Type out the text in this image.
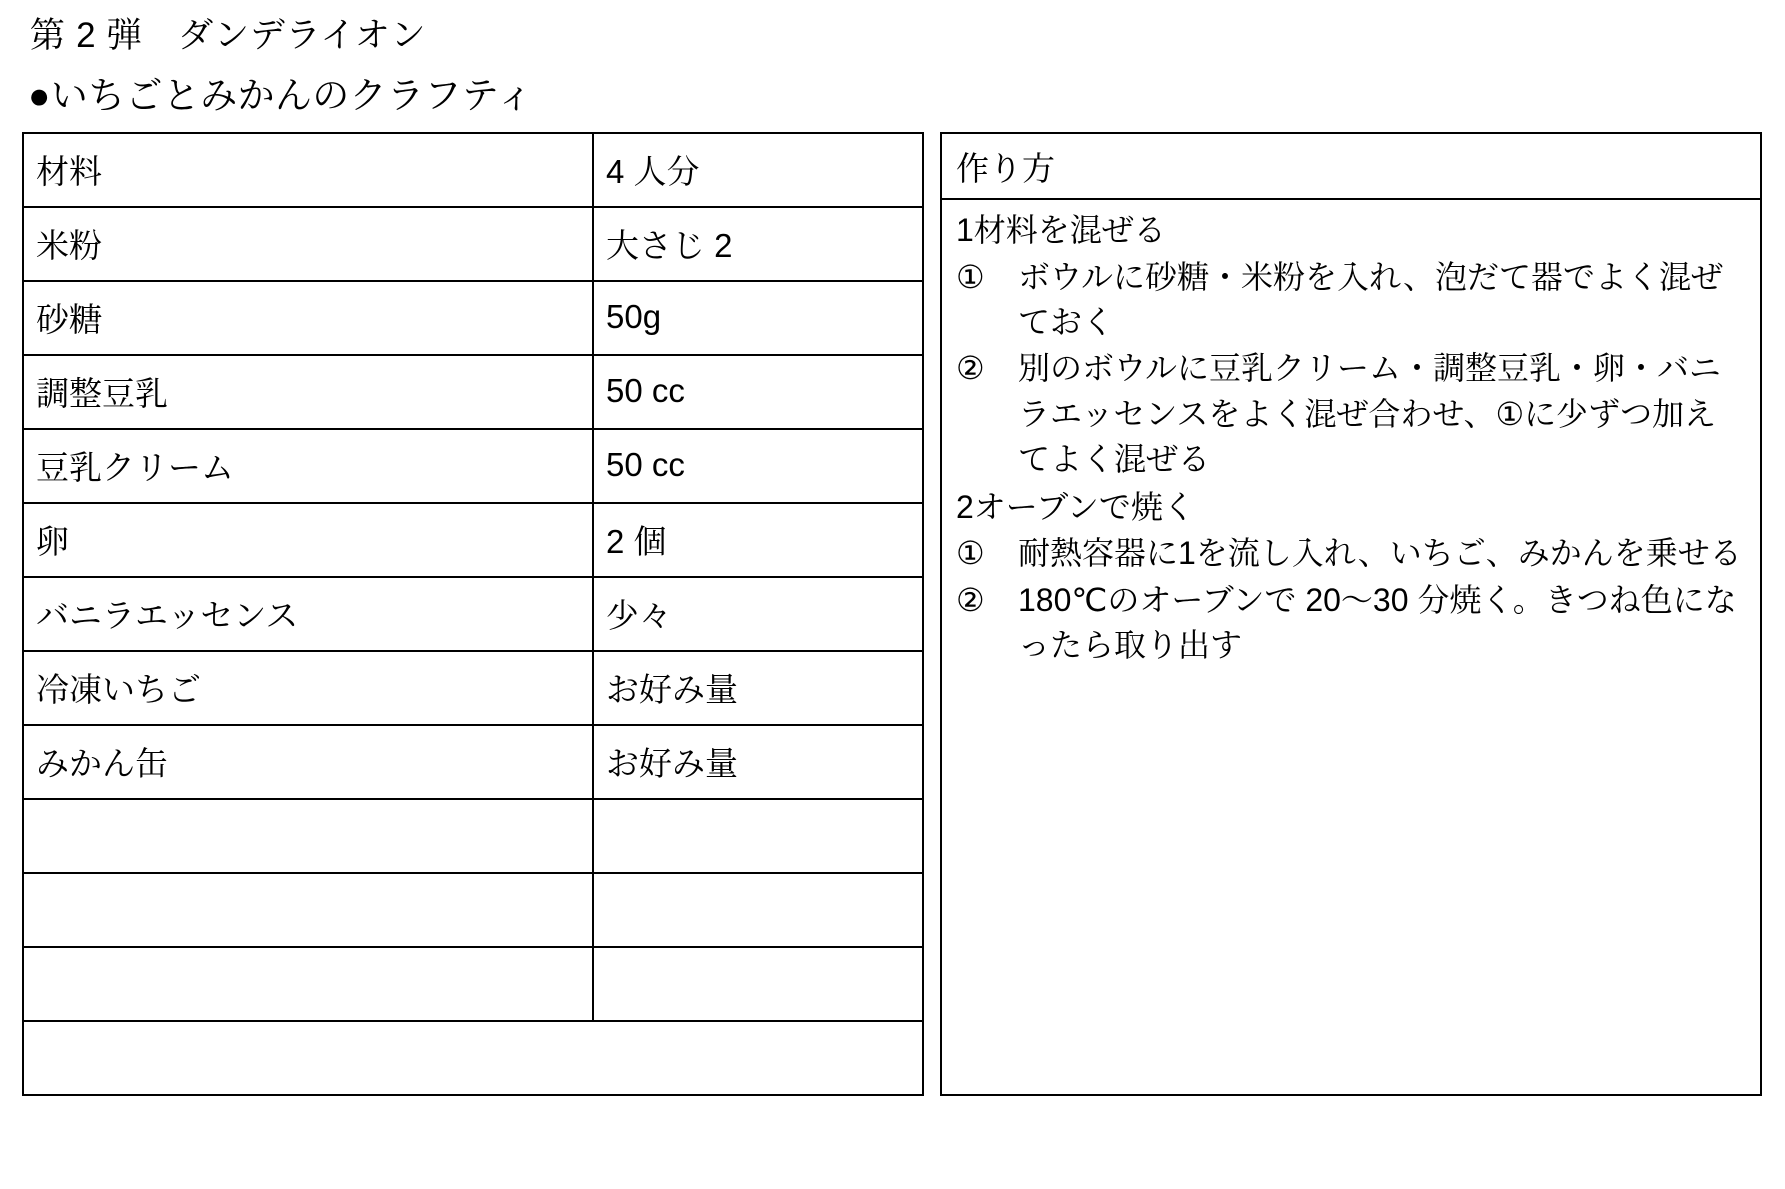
第 2 弾　ダンデライオン
●いちごとみかんのクラフティ
材料	4 人分
米粉	大さじ 2
砂糖	50g
調整豆乳	50 cc
豆乳クリーム	50 cc
卵	2 個
バニラエッセンス	少々
冷凍いちご	お好み量
みかん缶	お好み量

作り方
1材料を混ぜる
①	ボウルに砂糖・米粉を入れ、泡だて器でよく混ぜておく
②	別のボウルに豆乳クリーム・調整豆乳・卵・バニラエッセンスをよく混ぜ合わせ、①に少ずつ加えてよく混ぜる
2オーブンで焼く
①	耐熱容器に1を流し入れ、いちご、みかんを乗せる
②	180℃のオーブンで 20〜30 分焼く。きつね色になったら取り出す
